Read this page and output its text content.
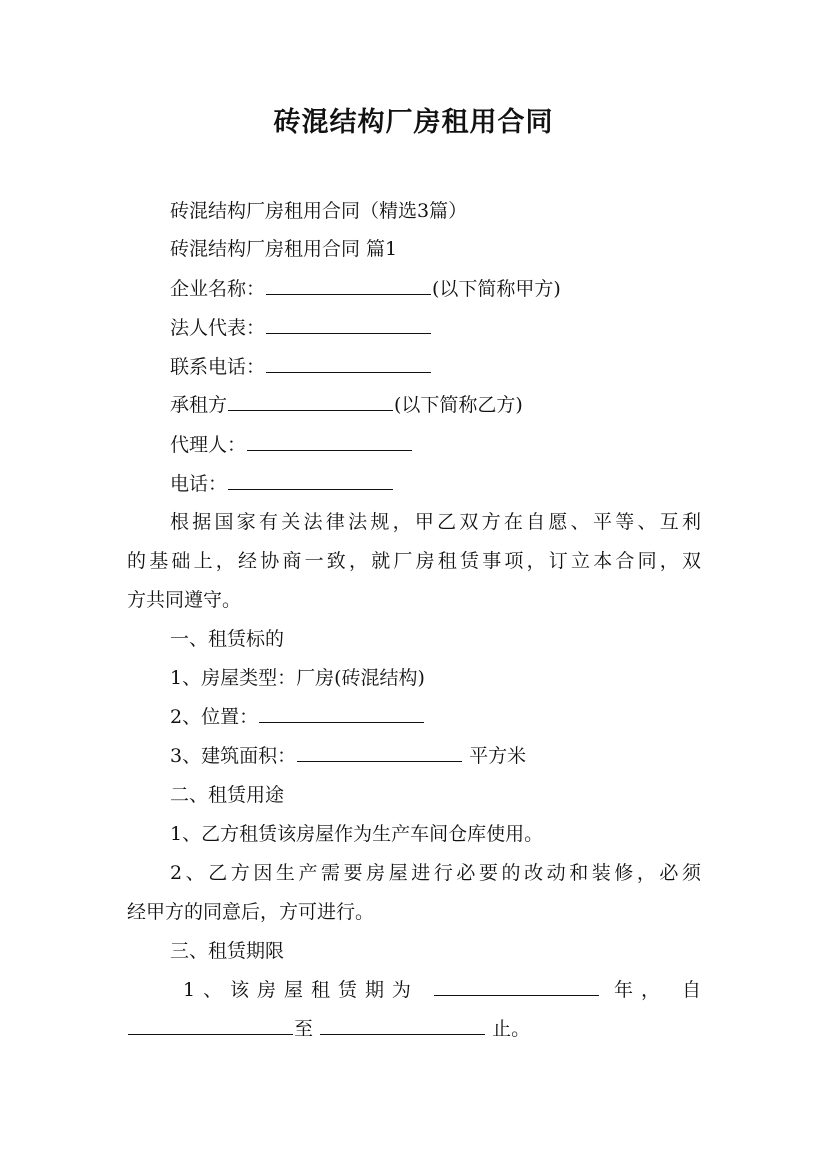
砖混结构厂房租用合同
砖混结构厂房租用合同（精选3篇）
砖混结构厂房租用合同 篇1
企业名称：	(以下简称甲方)
法人代表：
联系电话：
承租方	(以下简称乙方)
代理人：
电话：
根据国家有关法律法规，甲乙双方在自愿、平等、互利
的基础上，经协商一致，就厂房租赁事项，订立本合同，双
方共同遵守。
一、租赁标的
1、房屋类型：厂房(砖混结构)
2、位置：
3、建筑面积：	平方米
二、租赁用途
1、乙方租赁该房屋作为生产车间仓库使用。
2、乙方因生产需要房屋进行必要的改动和装修，必须
经甲方的同意后，方可进行。
三、租赁期限
1、该房屋租赁期为	年， 自
至	止。
